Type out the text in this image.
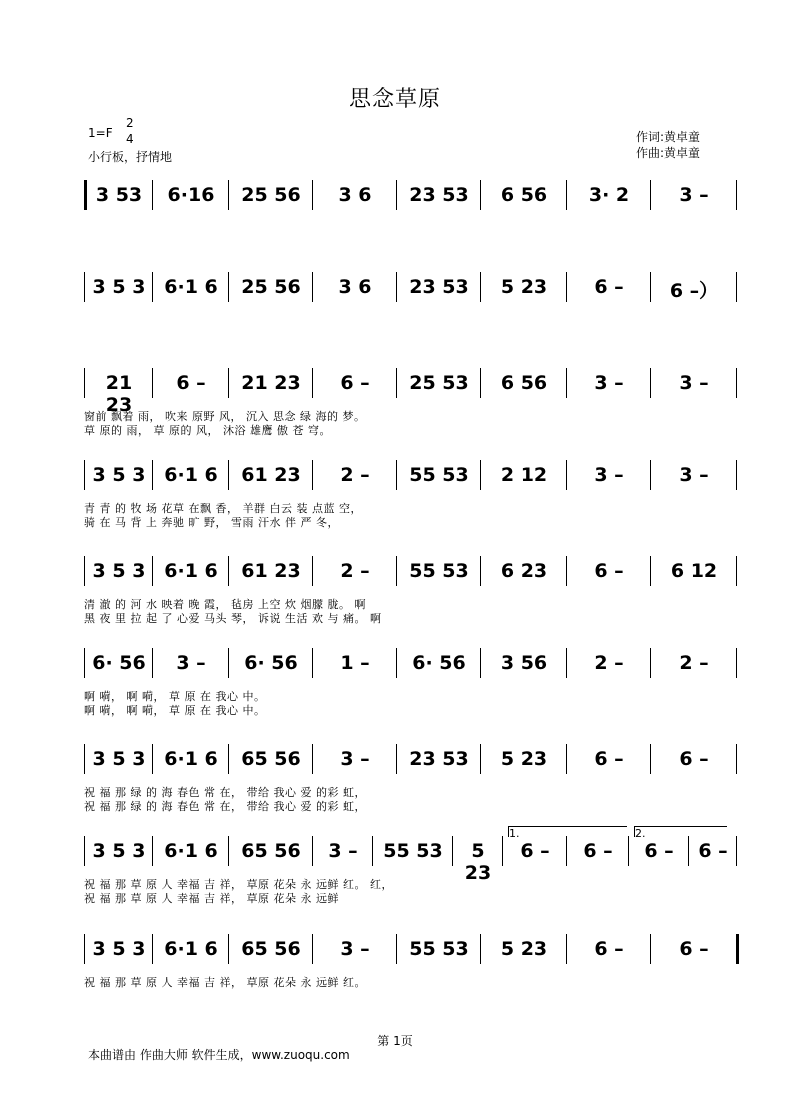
思念草原
1=F
2
4
小行板，抒情地
作词:黄卓童
作曲:黄卓童
3 53	6·16	25 56	3 6	23 53	6 56	3· 2	3 –
3 5 3 6·1 6	25 56	3 6	23 53	5 23	6 –	6 –）
21 23
6 –	21 23	6 –	25 53	6 56	3 –	3 –
窗前 飘着 雨， 吹来 原野 风， 沉入 思念 绿 海的 梦。
草 原的 雨， 草 原的 风， 沐浴 雄鹰 傲 苍 穹。
3 5 3 6·1 6	61 23	2 –	55 53	2 12	3 –	3 –
青 青 的 牧 场 花草 在飘 香， 羊群 白云 装 点蓝 空，
骑 在 马 背 上 奔驰 旷 野， 雪雨 汗水 伴 严 冬，
3 5 3 6·1 6	61 23	2 –	55 53	6 23	6 –	6 12
清 澈 的 河 水 映着 晚 霞， 毡房 上空 炊 烟朦 胧。 啊
黑 夜 里 拉 起 了 心爱 马头 琴， 诉说 生活 欢 与 痛。 啊
6· 56	3 –	6· 56	1 –	6· 56	3 56	2 –	2 –
啊 嗬， 啊 嗬， 草 原 在 我心 中。
啊 嗬， 啊 嗬， 草 原 在 我心 中。
3 5 3 6·1 6	65 56	3 –	23 53	5 23	6 –	6 –
祝 福 那 绿 的 海 春色 常 在， 带给 我心 爱 的彩 虹，
祝 福 那 绿 的 海 春色 常 在， 带给 我心 爱 的彩 虹，
3 5 3 6·1 6	65 56	3 –	55 53	5 23
6 –	6 –	6 –	6 –
祝 福 那 草 原 人 幸福 吉 祥， 草原 花朵 永 远鲜 红。 红，
祝 福 那 草 原 人 幸福 吉 祥， 草原 花朵 永 远鲜
1.	2.
3 5 3 6·1 6	65 56	3 –	55 53	5 23	6 –	6 –
祝 福 那 草 原 人 幸福 吉 祥， 草原 花朵 永 远鲜 红。
第 1页
本曲谱由 作曲大师 软件生成，www.zuoqu.com
